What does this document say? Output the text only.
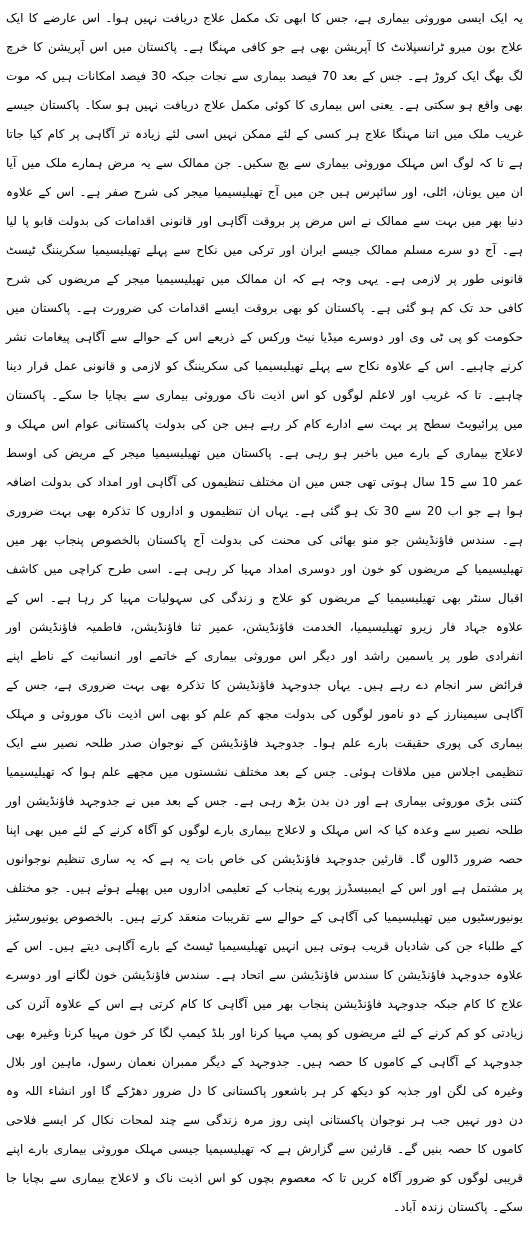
یہ ایک ایسی موروثی بیماری ہے، جس کا ابھی تک مکمل علاج دریافت نہیں ہوا۔ اس عارضے کا ایک علاج بون میرو ٹرانسپلانٹ کا آپریشن بھی ہے جو کافی مہنگا ہے۔ پاکستان میں اس آپریشن کا خرچ لگ بھگ ایک کروڑ ہے۔ جس کے بعد 70 فیصد بیماری سے نجات جبکہ 30 فیصد امکانات ہیں کہ موت بھی واقع ہو سکتی ہے۔ یعنی اس بیماری کا کوئی مکمل علاج دریافت نہیں ہو سکا۔ پاکستان جیسے غریب ملک میں اتنا مہنگا علاج ہر کسی کے لئے ممکن نہیں اسی لئے زیادہ تر آگاہی پر کام کیا جاتا ہے تا کہ لوگ اس مہلک موروثی بیماری سے بچ سکیں۔ جن ممالک سے یہ مرض ہمارے ملک میں آیا ان میں یونان، اٹلی، اور سائپرس ہیں جن میں آج تھیلیسیمیا میجر کی شرح صفر ہے۔ اس کے علاوہ دنیا بھر میں بہت سے ممالک نے اس مرض پر بروقت آگاہی اور قانونی اقدامات کی بدولت قابو پا لیا ہے۔ آج دو سرے مسلم ممالک جیسے ایران اور ترکی میں نکاح سے پہلے تھیلیسیمیا سکریننگ ٹیسٹ قانونی طور پر لازمی ہے۔ یہی وجہ ہے کہ ان ممالک میں تھیلیسیمیا میجر کے مریضوں کی شرح کافی حد تک کم ہو گئی ہے۔ پاکستان کو بھی بروقت ایسے اقدامات کی ضرورت ہے۔ پاکستان میں حکومت کو پی ٹی وی اور دوسرے میڈیا نیٹ ورکس کے ذریعے اس کے حوالے سے آگاہی پیغامات نشر کرنے چاہیے۔ اس کے علاوہ نکاح سے پہلے تھیلیسیمیا کی سکریننگ کو لازمی و قانونی عمل قرار دینا چاہیے۔ تا کہ غریب اور لاعلم لوگوں کو اس اذیت ناک موروثی بیماری سے بچایا جا سکے۔ پاکستان میں پرائیویٹ سطح پر بہت سے ادارے کام کر رہے ہیں جن کی بدولت پاکستانی عوام اس مہلک و لاعلاج بیماری کے بارے میں باخبر ہو رہی ہے۔ پاکستان میں تھیلیسیمیا میجر کے مریض کی اوسط عمر 10 سے 15 سال ہوتی تھی جس میں ان مختلف تنظیموں کی آگاہی اور امداد کی بدولت اضافہ ہوا ہے جو اب 20 سے 30 تک ہو گئی ہے۔ یہاں ان تنظیموں و اداروں کا تذکرہ بھی بہت ضروری ہے۔ سندس فاؤنڈیشن جو منو بھائی کی محنت کی بدولت آج پاکستان بالخصوص پنجاب بھر میں تھیلیسیمیا کے مریضوں کو خون اور دوسری امداد مہیا کر رہی ہے۔ اسی طرح کراچی میں کاشف اقبال سنٹر بھی تھیلیسیمیا کے مریضوں کو علاج و زندگی کی سہولیات مہیا کر رہا ہے۔ اس کے علاوہ جہاد فار زیرو تھیلیسیمیا، الخدمت فاؤنڈیشن، عمیر ثنا فاؤنڈیشن، فاطمیہ فاؤنڈیشن اور انفرادی طور پر یاسمین راشد اور دیگر اس موروثی بیماری کے خاتمے اور انسانیت کے ناطے اپنے فرائض سر انجام دے رہے ہیں۔ یہاں جدوجہد فاؤنڈیشن کا تذکرہ بھی بہت ضروری ہے، جس کے آگاہی سیمینارز کے دو نامور لوگوں کی بدولت مجھ کم علم کو بھی اس اذیت ناک موروثی و مہلک بیماری کی پوری حقیقت بارے علم ہوا۔ جدوجہد فاؤنڈیشن کے نوجوان صدر طلحہ نصیر سے ایک تنظیمی اجلاس میں ملاقات ہوئی۔ جس کے بعد مختلف نشستوں میں مجھے علم ہوا کہ تھیلیسیمیا کتنی بڑی موروثی بیماری ہے اور دن بدن بڑھ رہی ہے۔ جس کے بعد میں نے جدوجہد فاؤنڈیشن اور طلحہ نصیر سے وعدہ کیا کہ اس مہلک و لاعلاج بیماری بارے لوگوں کو آگاہ کرنے کے لئے میں بھی اپنا حصہ ضرور ڈالوں گا۔ قارئین جدوجہد فاؤنڈیشن کی خاص بات یہ ہے کہ یہ ساری تنظیم نوجوانوں پر مشتمل ہے اور اس کے ایمبیسڈرز پورے پنجاب کے تعلیمی اداروں میں پھیلے ہوئے ہیں۔ جو مختلف یونیورسٹیوں میں تھیلیسیمیا کی آگاہی کے حوالے سے تقریبات منعقد کرتے ہیں۔ بالخصوص یونیورسٹیز کے طلباء جن کی شادیاں قریب ہوتی ہیں انہیں تھیلیسیمیا ٹیسٹ کے بارے آگاہی دیتے ہیں۔ اس کے علاوہ جدوجہد فاؤنڈیشن کا سندس فاؤنڈیشن سے اتحاد ہے۔ سندس فاؤنڈیشن خون لگانے اور دوسرے علاج کا کام جبکہ جدوجہد فاؤنڈیشن پنجاب بھر میں آگاہی کا کام کرتی ہے اس کے علاوہ آئرن کی زیادتی کو کم کرنے کے لئے مریضوں کو پمپ مہیا کرنا اور بلڈ کیمپ لگا کر خون مہیا کرنا وغیرہ بھی جدوجہد کے آگاہی کے کاموں کا حصہ ہیں۔ جدوجہد کے دیگر ممبران نعمان رسول، ماہین اور بلال وغیرہ کی لگن اور جذبہ کو دیکھ کر ہر باشعور پاکستانی کا دل ضرور دھڑکے گا اور انشاء اللہ وہ دن دور نہیں جب ہر نوجوان پاکستانی اپنی روز مرہ زندگی سے چند لمحات نکال کر ایسے فلاحی کاموں کا حصہ بنیں گے۔ قارئین سے گزارش ہے کہ تھیلیسیمیا جیسی مہلک موروثی بیماری بارے اپنے قریبی لوگوں کو ضرور آگاہ کریں تا کہ معصوم بچوں کو اس اذیت ناک و لاعلاج بیماری سے بچایا جا سکے۔ پاکستان زندہ آباد۔
